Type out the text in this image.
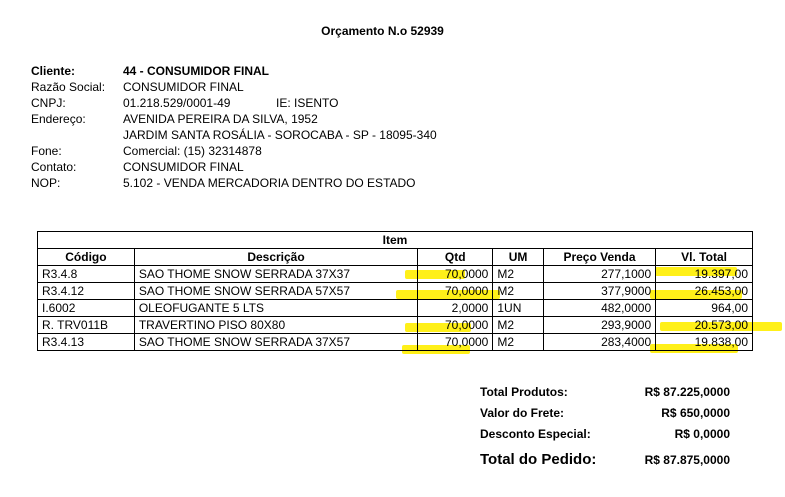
Orçamento N.o 52939
Cliente:	44 - CONSUMIDOR FINAL
Razão Social:	CONSUMIDOR FINAL
CNPJ:	01.218.529/0001-49	IE: ISENTO
Endereço:	AVENIDA PEREIRA DA SILVA, 1952
JARDIM SANTA ROSÁLIA - SOROCABA - SP - 18095-340
Fone:	Comercial: (15) 32314878
Contato:	CONSUMIDOR FINAL
NOP:	5.102 - VENDA MERCADORIA DENTRO DO ESTADO
Item					
Código	Descrição	Qtd	UM	Preço Venda	Vl. Total
R3.4.8	SAO THOME SNOW SERRADA 37X37	70,0000	M2	277,1000	19.397,00
R3.4.12	SAO THOME SNOW SERRADA 57X57	70,0000	M2	377,9000	26.453,00
I.6002	OLEOFUGANTE 5 LTS	2,0000	1UN	482,0000	964,00
R. TRV011B	TRAVERTINO PISO 80X80	70,0000	M2	293,9000	20.573,00
R3.4.13	SAO THOME SNOW SERRADA 37X57	70,0000	M2	283,4000	19.838,00
Total Produtos:	R$ 87.225,0000
Valor do Frete:	R$ 650,0000
Desconto Especial:	R$ 0,0000
Total do Pedido:	R$ 87.875,0000
